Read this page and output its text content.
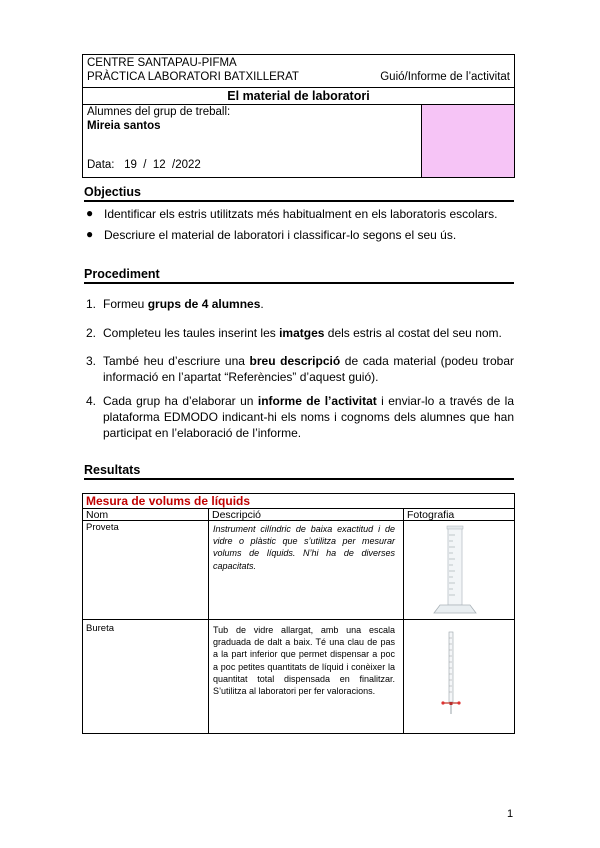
CENTRE SANTAPAU-PIFMA
PRÀCTICA LABORATORI BATXILLERAT	Guió/Informe de l’activitat
El material de laboratori
Alumnes del grup de treball:
Mireia santos
Data: 19  /  12  /2022
Objectius
● Identificar els estris utilitzats més habitualment en els laboratoris escolars.
● Descriure el material de laboratori i classificar-lo segons el seu ús.
Procediment
1. Formeu grups de 4 alumnes.
2. Completeu les taules inserint les imatges dels estris al costat del seu nom.
3. També heu d’escriure una breu descripció de cada material (podeu trobar informació en l’apartat “Referències” d’aquest guió).
4. Cada grup ha d’elaborar un informe de l’activitat i enviar-lo a través de la plataforma EDMODO indicant-hi els noms i cognoms dels alumnes que han participat en l’elaboració de l’informe.
Resultats
Mesura de volums de líquids
Nom	Descripció	Fotografia
Proveta	Instrument cilíndric de baixa exactitud i de vidre o plàstic que s’utilitza per mesurar volums de líquids. N’hi ha de diverses capacitats.
Bureta	Tub de vidre allargat, amb una escala graduada de dalt a baix. Té una clau de pas a la part inferior que permet dispensar a poc a poc petites quantitats de líquid i conèixer la quantitat total dispensada en finalitzar. S’utilitza al laboratori per fer valoracions.
1
